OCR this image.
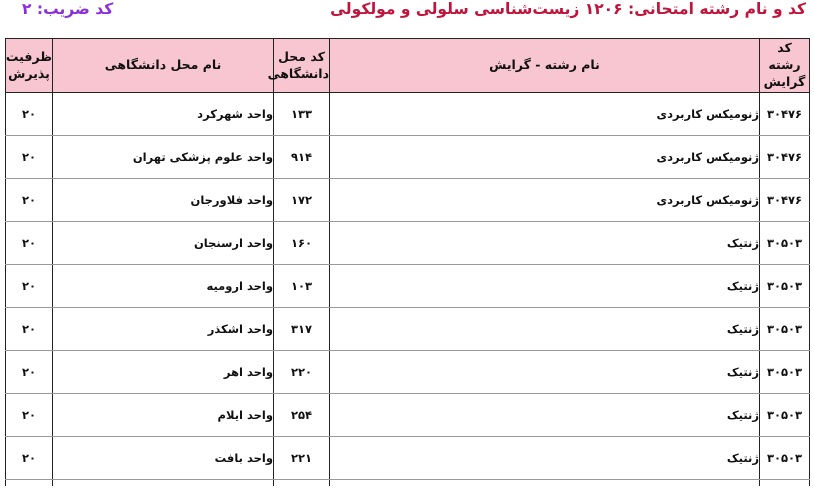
کد و نام رشته امتحانی: ۱۲۰۶ زیست‌شناسی سلولی و مولکولی
کد ضریب: ۲
کد رشته گرایش	نام رشته - گرایش	کد محل دانشگاهی	نام محل دانشگاهی	ظرفیت پذیرش
۳۰۴۷۶	ژنومیکس کاربردی	۱۳۳	واحد شهرکرد	۲۰
۳۰۴۷۶	ژنومیکس کاربردی	۹۱۴	واحد علوم پزشکی تهران	۲۰
۳۰۴۷۶	ژنومیکس کاربردی	۱۷۲	واحد فلاورجان	۲۰
۳۰۵۰۳	ژنتیک	۱۶۰	واحد ارسنجان	۲۰
۳۰۵۰۳	ژنتیک	۱۰۳	واحد ارومیه	۲۰
۳۰۵۰۳	ژنتیک	۳۱۷	واحد اشکذر	۲۰
۳۰۵۰۳	ژنتیک	۲۲۰	واحد اهر	۲۰
۳۰۵۰۳	ژنتیک	۲۵۴	واحد ایلام	۲۰
۳۰۵۰۳	ژنتیک	۲۲۱	واحد بافت	۲۰
